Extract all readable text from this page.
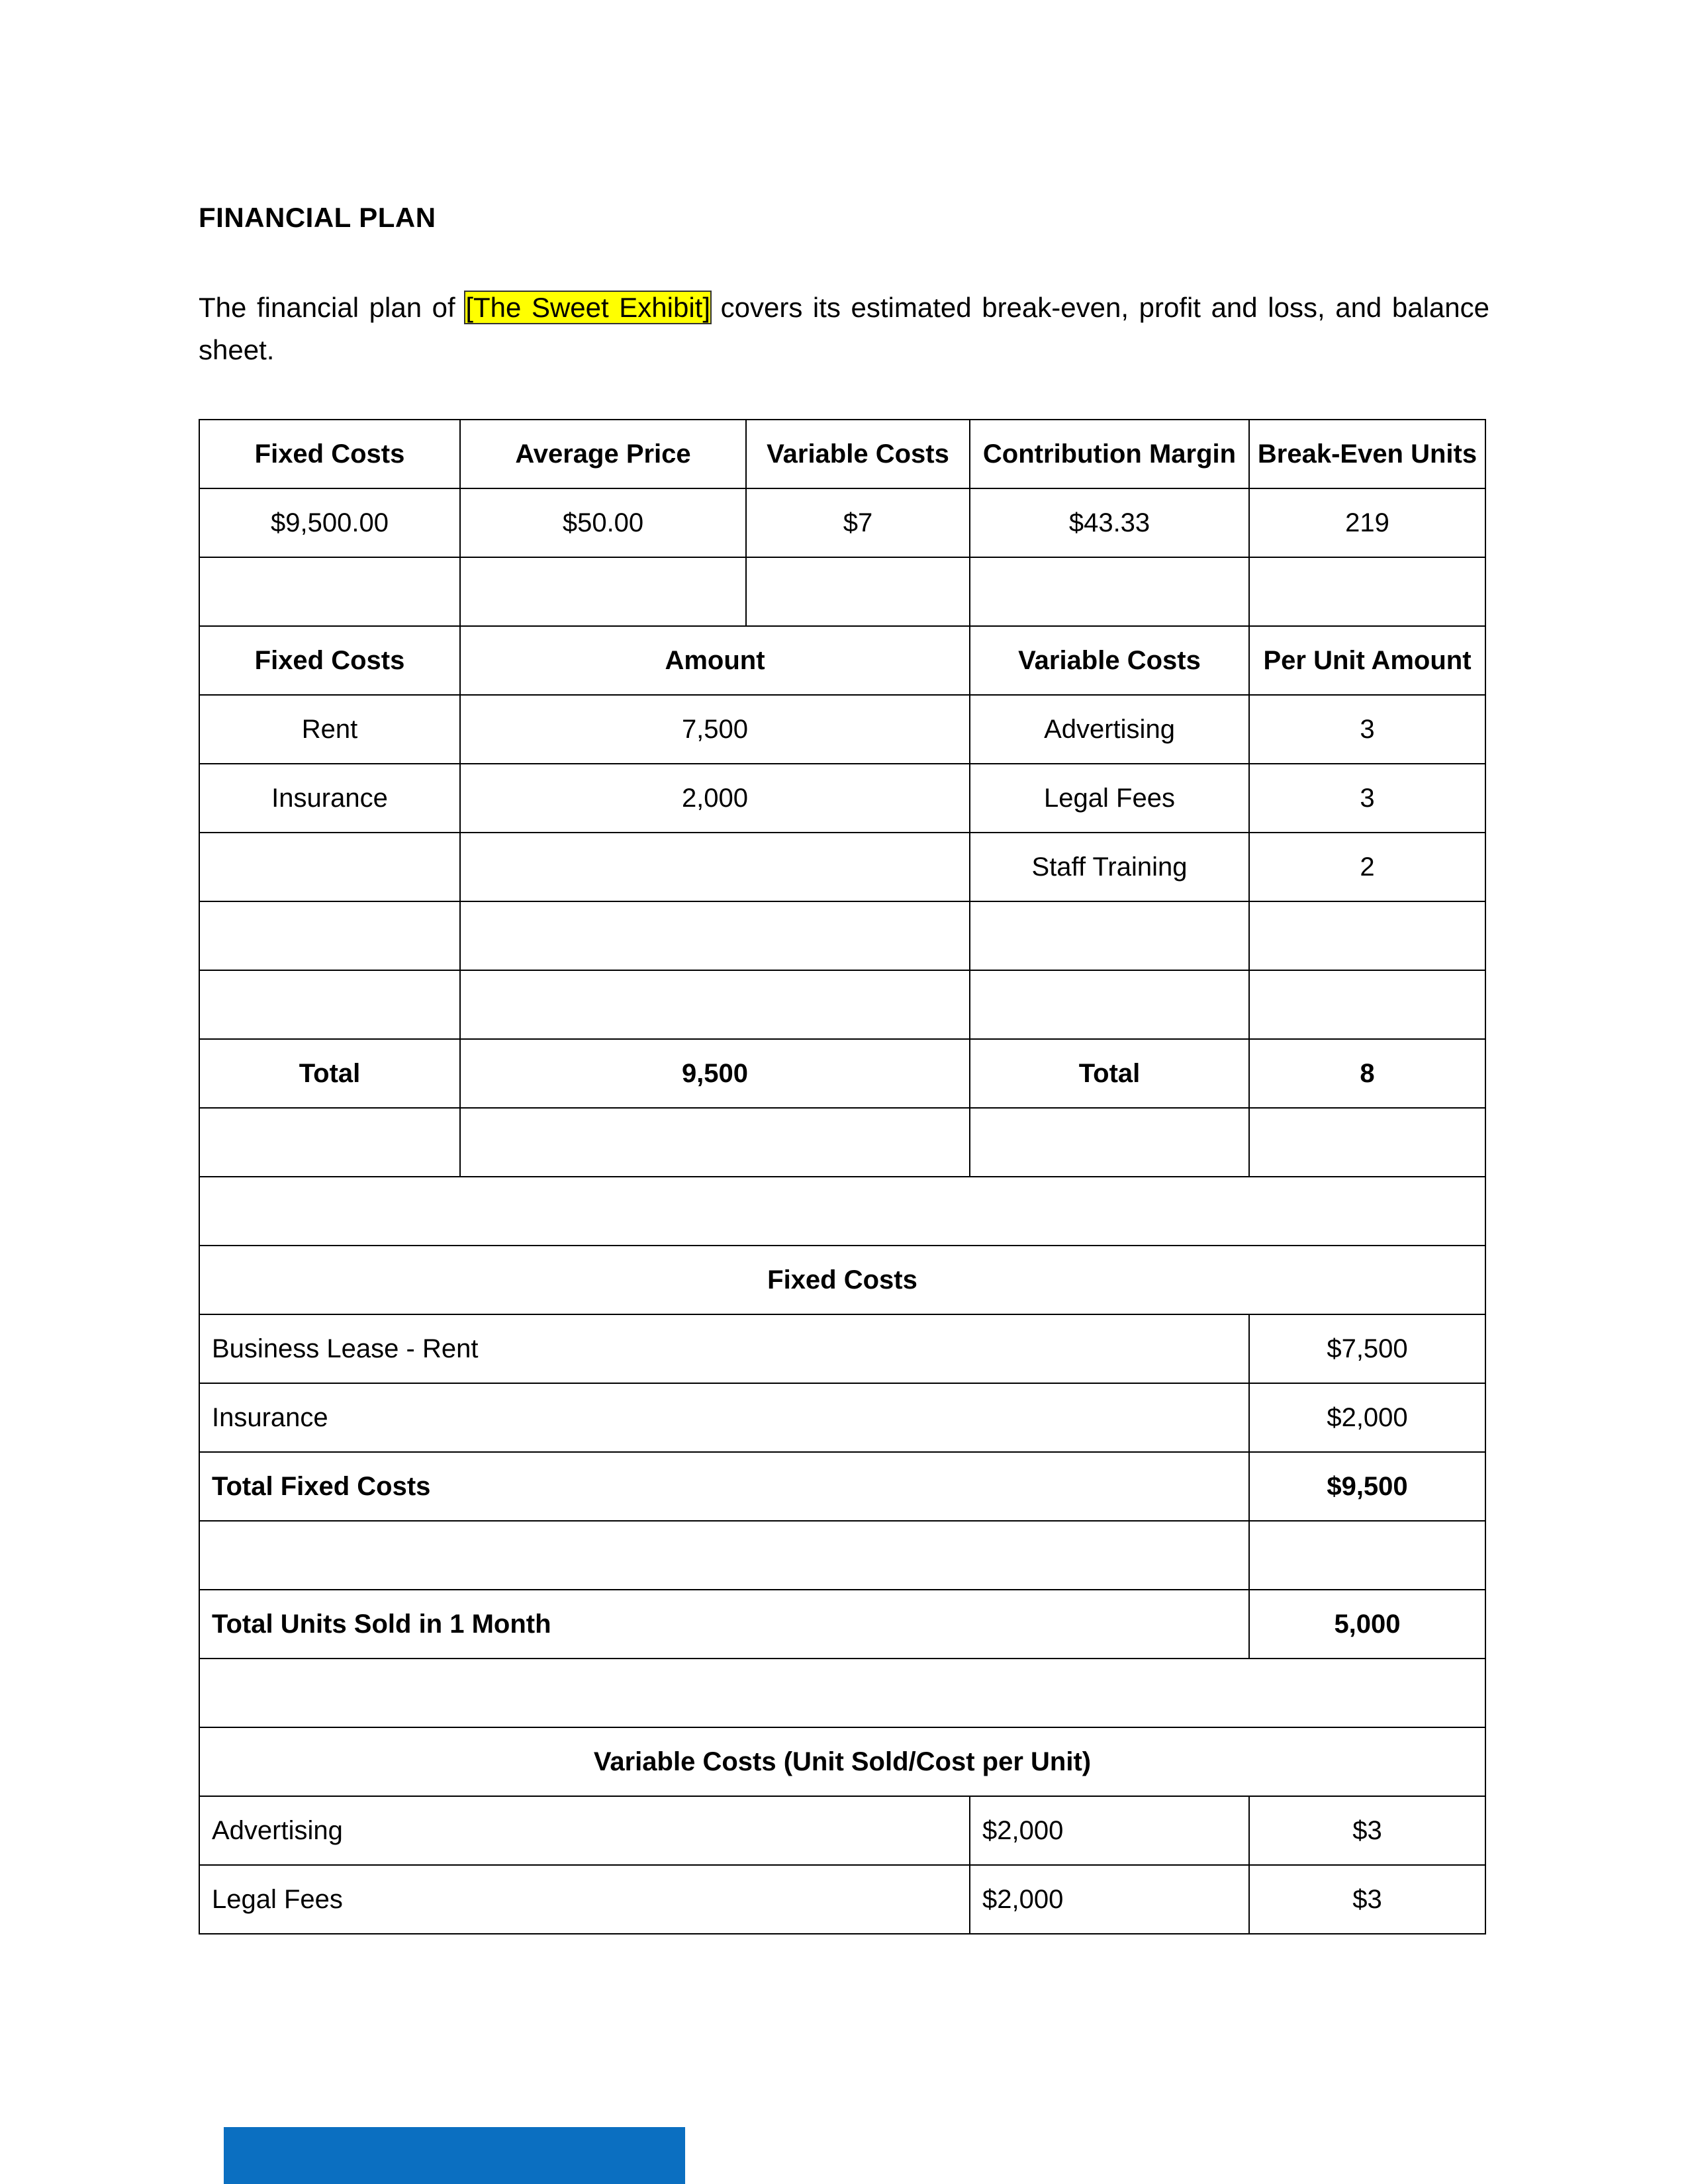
FINANCIAL PLAN

The financial plan of [The Sweet Exhibit] covers its estimated break-even, profit and loss, and balance sheet.

Fixed Costs	Average Price	Variable Costs	Contribution Margin	Break-Even Units
$9,500.00	$50.00	$7	$43.33	219

Fixed Costs	Amount		Variable Costs	Per Unit Amount
Rent	7,500		Advertising	3
Insurance	2,000		Legal Fees	3
			Staff Training	2

Total	9,500		Total	8

Fixed Costs				
Business Lease - Rent				$7,500
Insurance				$2,000
Total Fixed Costs				$9,500

Total Units Sold in 1 Month				5,000

Variable Costs (Unit Sold/Cost per Unit)				
Advertising			$2,000	$3
Legal Fees			$2,000	$3
